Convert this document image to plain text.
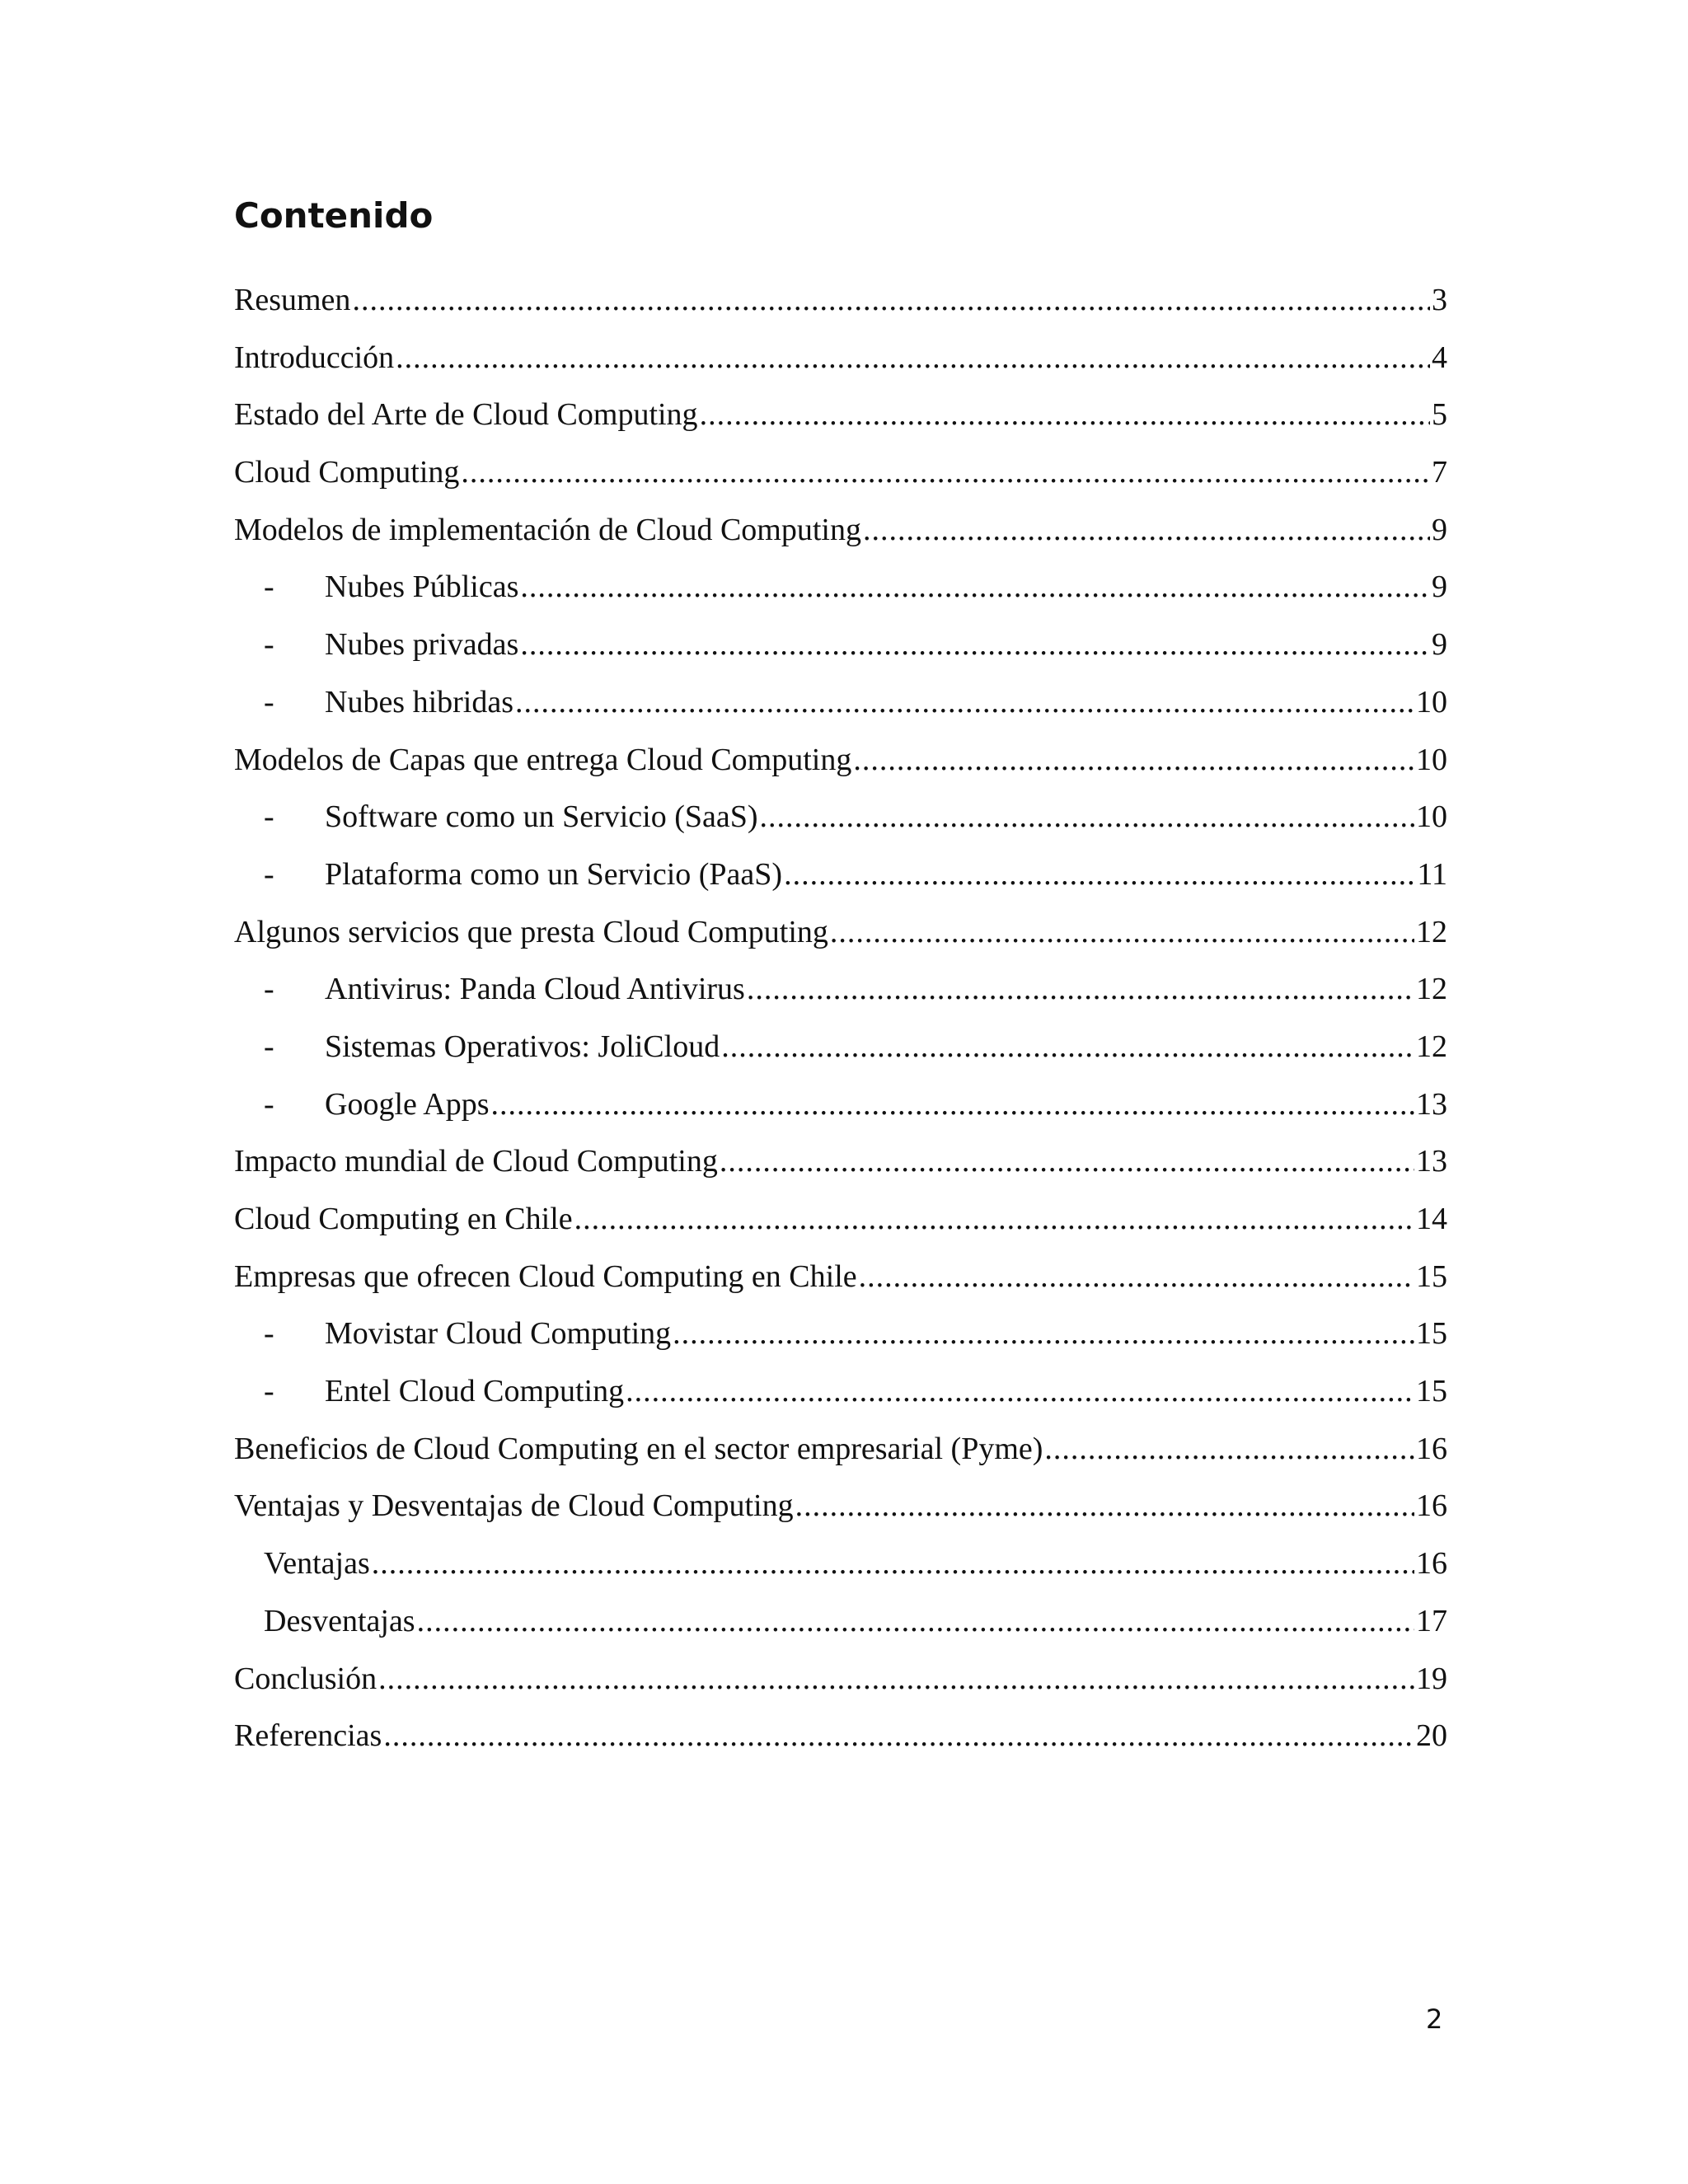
Contenido
Resumen .....	3
Introducción .....	4
Estado del Arte de Cloud Computing .....	5
Cloud Computing .....	7
Modelos de implementación de Cloud Computing .....	9
-	Nubes Públicas .....	9
-	Nubes privadas .....	9
-	Nubes hibridas .....	10
Modelos de Capas que entrega Cloud Computing .....	10
-	Software como un Servicio (SaaS) .....	10
-	Plataforma como un Servicio (PaaS) .....	11
Algunos servicios que presta Cloud Computing .....	12
-	Antivirus: Panda Cloud Antivirus .....	12
-	Sistemas Operativos: JoliCloud .....	12
-	Google Apps .....	13
Impacto mundial de Cloud Computing .....	13
Cloud Computing en Chile .....	14
Empresas que ofrecen Cloud Computing en Chile .....	15
-	Movistar Cloud Computing .....	15
-	Entel Cloud Computing .....	15
Beneficios de Cloud Computing en el sector empresarial (Pyme) .....	16
Ventajas y Desventajas de Cloud Computing .....	16
Ventajas .....	16
Desventajas .....	17
Conclusión .....	19
Referencias .....	20
2
